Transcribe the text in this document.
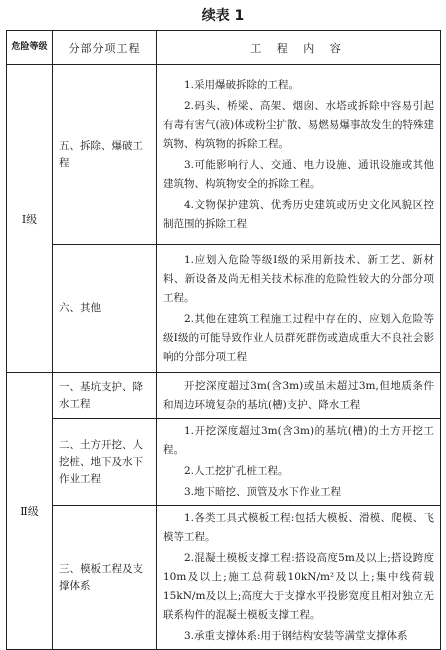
续表 1
危险等级	分部分项工程	工 程 内 容
Ⅰ级	五、拆除、爆破工程	1.采用爆破拆除的工程。

2.码头、桥梁、高架、烟囱、水塔或拆除中容易引起有毒有害气(液)体或粉尘扩散、易燃易爆事故发生的特殊建筑物、构筑物的拆除工程。

3.可能影响行人、交通、电力设施、通讯设施或其他建筑物、构筑物安全的拆除工程。

4.文物保护建筑、优秀历史建筑或历史文化风貌区控制范围的拆除工程

	六、其他	1.应划入危险等级Ⅰ级的采用新技术、新工艺、新材料、新设备及尚无相关技术标准的危险性较大的分部分项工程。

2.其他在建筑工程施工过程中存在的、应划入危险等级Ⅰ级的可能导致作业人员群死群伤或造成重大不良社会影响的分部分项工程

Ⅱ级	一、基坑支护、降水工程	开挖深度超过3m(含3m)或虽未超过3m,但地质条件和周边环境复杂的基坑(槽)支护、降水工程

	二、土方开挖、人挖桩、地下及水下作业工程	1.开挖深度超过3m(含3m)的基坑(槽)的土方开挖工程。

2.人工挖扩孔桩工程。

3.地下暗挖、顶管及水下作业工程

	三、模板工程及支撑体系	1.各类工具式模板工程:包括大模板、滑模、爬模、飞模等工程。

2.混凝土模板支撑工程:搭设高度5m及以上;搭设跨度10m及以上;施工总荷载10kN/m²及以上;集中线荷载15kN/m及以上;高度大于支撑水平投影宽度且相对独立无联系构件的混凝土模板支撑工程。

3.承重支撑体系:用于钢结构安装等满堂支撑体系
